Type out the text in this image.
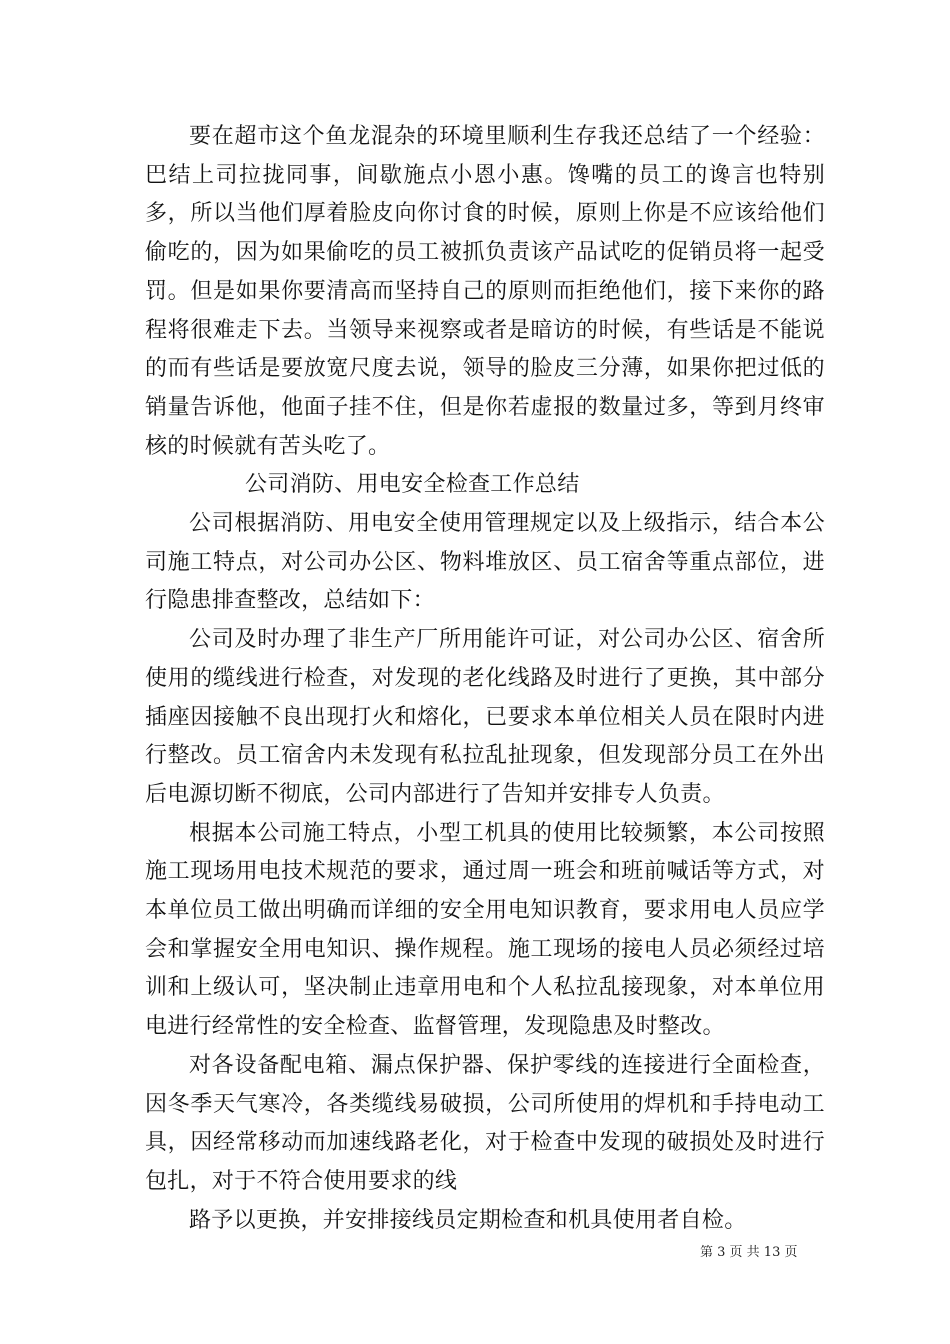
要在超市这个鱼龙混杂的环境里顺利生存我还总结了一个经验：巴结上司拉拢同事，间歇施点小恩小惠。馋嘴的员工的谗言也特别多，所以当他们厚着脸皮向你讨食的时候，原则上你是不应该给他们偷吃的，因为如果偷吃的员工被抓负责该产品试吃的促销员将一起受罚。但是如果你要清高而坚持自己的原则而拒绝他们，接下来你的路程将很难走下去。当领导来视察或者是暗访的时候，有些话是不能说的而有些话是要放宽尺度去说，领导的脸皮三分薄，如果你把过低的销量告诉他，他面子挂不住，但是你若虚报的数量过多，等到月终审核的时候就有苦头吃了。

公司消防、用电安全检查工作总结

公司根据消防、用电安全使用管理规定以及上级指示，结合本公司施工特点，对公司办公区、物料堆放区、员工宿舍等重点部位，进行隐患排查整改，总结如下：

公司及时办理了非生产厂所用能许可证，对公司办公区、宿舍所使用的缆线进行检查，对发现的老化线路及时进行了更换，其中部分插座因接触不良出现打火和熔化，已要求本单位相关人员在限时内进行整改。员工宿舍内未发现有私拉乱扯现象，但发现部分员工在外出后电源切断不彻底，公司内部进行了告知并安排专人负责。

根据本公司施工特点，小型工机具的使用比较频繁，本公司按照施工现场用电技术规范的要求，通过周一班会和班前喊话等方式，对本单位员工做出明确而详细的安全用电知识教育，要求用电人员应学会和掌握安全用电知识、操作规程。施工现场的接电人员必须经过培训和上级认可，坚决制止违章用电和个人私拉乱接现象，对本单位用电进行经常性的安全检查、监督管理，发现隐患及时整改。

对各设备配电箱、漏点保护器、保护零线的连接进行全面检查，因冬季天气寒冷，各类缆线易破损，公司所使用的焊机和手持电动工具，因经常移动而加速线路老化，对于检查中发现的破损处及时进行包扎，对于不符合使用要求的线

路予以更换，并安排接线员定期检查和机具使用者自检。

第 3 页 共 13 页
